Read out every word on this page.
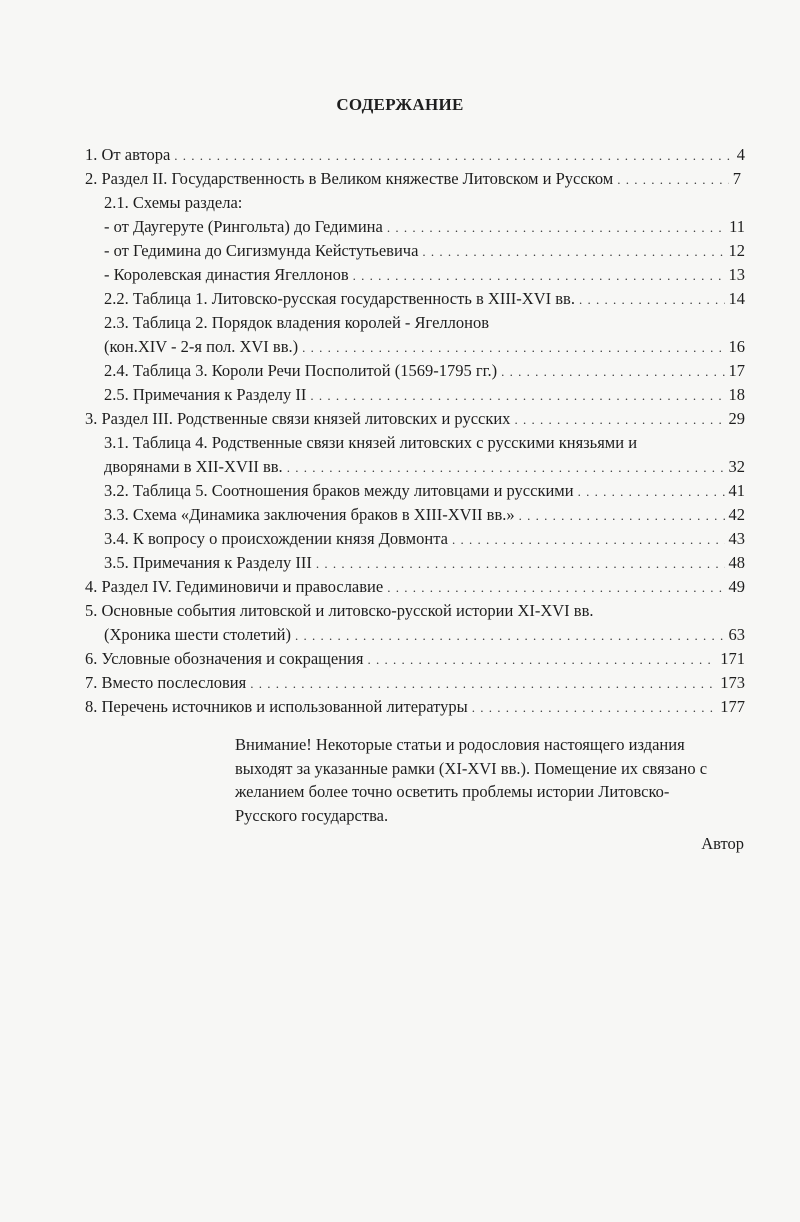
СОДЕРЖАНИЕ
1. От автора . . .	4
2. Раздел II. Государственность в Великом княжестве Литовском и Русском . . .	7
2.1. Схемы раздела:
- от Даугеруте (Рингольта) до Гедимина . . .	11
- от Гедимина до Сигизмунда Кейстутьевича . . .	12
- Королевская династия Ягеллонов . . .	13
2.2. Таблица 1. Литовско-русская государственность в XIII-XVI вв. . . .	14
2.3. Таблица 2. Порядок владения королей - Ягеллонов
(кон.XIV - 2-я пол. XVI вв.) . . .	16
2.4. Таблица 3. Короли Речи Посполитой (1569-1795 гг.) . . .	17
2.5. Примечания к Разделу II . . .	18
3. Раздел III. Родственные связи князей литовских и русских . . .	29
3.1. Таблица 4. Родственные связи князей литовских с русскими князьями и
дворянами в XII-XVII вв. . . .	32
3.2. Таблица 5. Соотношения браков между литовцами и русскими . . .	41
3.3. Схема «Динамика заключения браков в XIII-XVII вв.» . . .	42
3.4. К вопросу о происхождении князя Довмонта . . .	43
3.5. Примечания к Разделу III . . .	48
4. Раздел IV. Гедиминовичи и православие . . .	49
5. Основные события литовской и литовско-русской истории XI-XVI вв.
(Хроника шести столетий) . . .	63
6. Условные обозначения и сокращения . . .	171
7. Вместо послесловия . . .	173
8. Перечень источников и использованной литературы . . .	177

Внимание! Некоторые статьи и родословия настоящего издания

выходят за указанные рамки (XI-XVI вв.). Помещение их связано с

желанием более точно осветить проблемы истории Литовско-

Русского государства.

Автор
